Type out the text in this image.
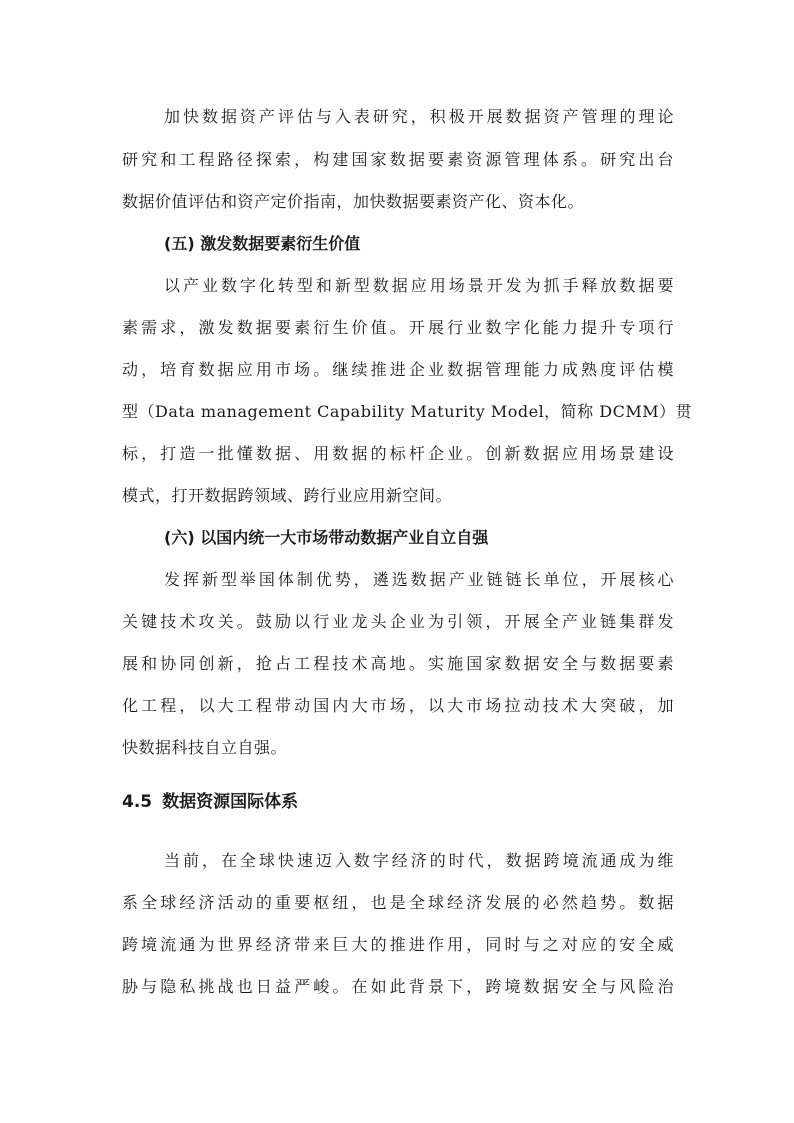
加快数据资产评估与入表研究，积极开展数据资产管理的理论
研究和工程路径探索，构建国家数据要素资源管理体系。研究出台
数据价值评估和资产定价指南，加快数据要素资产化、资本化。
(五) 激发数据要素衍生价值
以产业数字化转型和新型数据应用场景开发为抓手释放数据要
素需求，激发数据要素衍生价值。开展行业数字化能力提升专项行
动，培育数据应用市场。继续推进企业数据管理能力成熟度评估模
型（Data management Capability Maturity Model，简称 DCMM）贯
标，打造一批懂数据、用数据的标杆企业。创新数据应用场景建设
模式，打开数据跨领域、跨行业应用新空间。
(六) 以国内统一大市场带动数据产业自立自强
发挥新型举国体制优势，遴选数据产业链链长单位，开展核心
关键技术攻关。鼓励以行业龙头企业为引领，开展全产业链集群发
展和协同创新，抢占工程技术高地。实施国家数据安全与数据要素
化工程，以大工程带动国内大市场，以大市场拉动技术大突破，加
快数据科技自立自强。
4.5 数据资源国际体系
当前，在全球快速迈入数字经济的时代，数据跨境流通成为维
系全球经济活动的重要枢纽，也是全球经济发展的必然趋势。数据
跨境流通为世界经济带来巨大的推进作用，同时与之对应的安全威
胁与隐私挑战也日益严峻。在如此背景下，跨境数据安全与风险治
